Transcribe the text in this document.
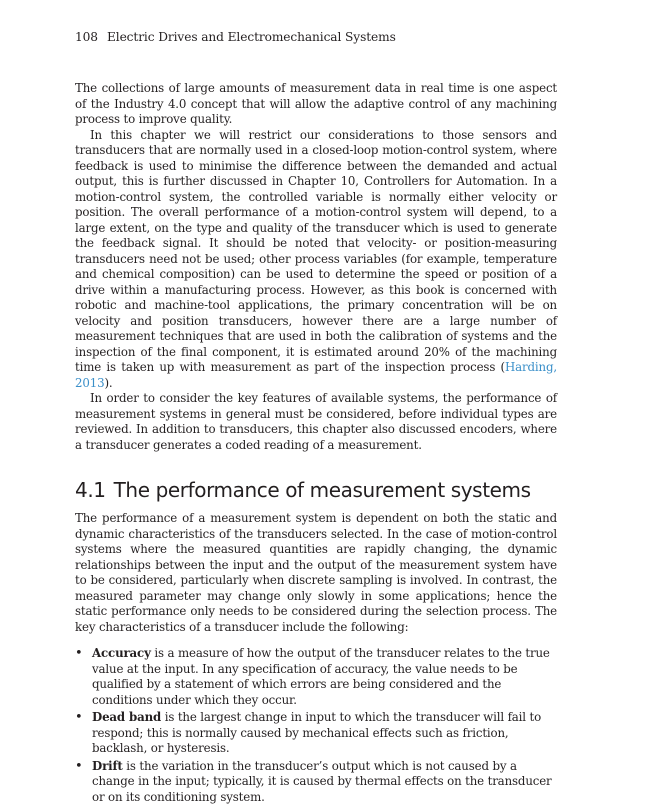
108 Electric Drives and Electromechanical Systems

The collections of large amounts of measurement data in real time is one aspect of the Industry 4.0 concept that will allow the adaptive control of any machining process to improve quality.

In this chapter we will restrict our considerations to those sensors and transducers that are normally used in a closed-loop motion-control system, where feedback is used to minimise the difference between the demanded and actual output, this is further discussed in Chapter 10, Controllers for Automation. In a motion-control system, the controlled variable is normally either velocity or position. The overall performance of a motion-control system will depend, to a large extent, on the type and quality of the transducer which is used to generate the feedback signal. It should be noted that velocity- or position-measuring transducers need not be used; other process variables (for example, temperature and chemical composition) can be used to determine the speed or position of a drive within a manufacturing process. However, as this book is concerned with robotic and machine-tool applications, the primary concentration will be on velocity and position transducers, however there are a large number of measurement techniques that are used in both the calibration of systems and the inspection of the final component, it is estimated around 20% of the machining time is taken up with measurement as part of the inspection process (Harding, 2013).

In order to consider the key features of available systems, the performance of measurement systems in general must be considered, before individual types are reviewed. In addition to transducers, this chapter also discussed encoders, where a transducer generates a coded reading of a measurement.

4.1 The performance of measurement systems

The performance of a measurement system is dependent on both the static and dynamic characteristics of the transducers selected. In the case of motion-control systems where the measured quantities are rapidly changing, the dynamic relationships between the input and the output of the measurement system have to be considered, particularly when discrete sampling is involved. In contrast, the measured parameter may change only slowly in some applications; hence the static performance only needs to be considered during the selection process. The key characteristics of a transducer include the following:

• Accuracy is a measure of how the output of the transducer relates to the true value at the input. In any specification of accuracy, the value needs to be qualified by a statement of which errors are being considered and the conditions under which they occur.
• Dead band is the largest change in input to which the transducer will fail to respond; this is normally caused by mechanical effects such as friction, backlash, or hysteresis.
• Drift is the variation in the transducer’s output which is not caused by a change in the input; typically, it is caused by thermal effects on the transducer or on its conditioning system.
